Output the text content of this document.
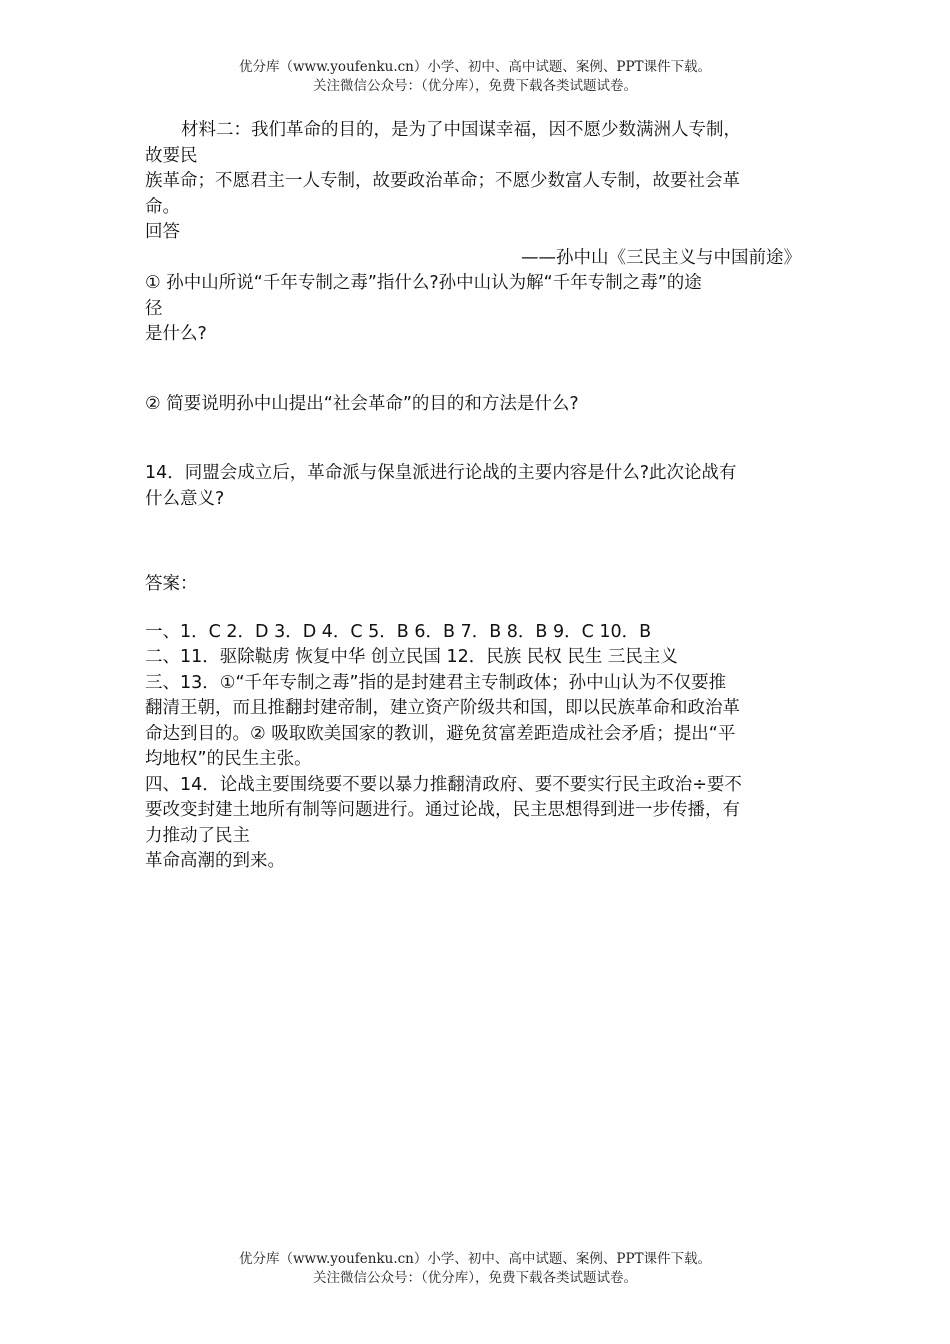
优分库（www.youfenku.cn）小学、初中、高中试题、案例、PPT课件下载。
关注微信公众号：（优分库），免费下载各类试题试卷。
材料二：我们革命的目的，是为了中国谋幸福，因不愿少数满洲人专制，
故要民
族革命；不愿君主一人专制，故要政治革命；不愿少数富人专制，故要社会革
命。
回答
——孙中山《三民主义与中国前途》
① 孙中山所说“千年专制之毒”指什么?孙中山认为解“千年专制之毒”的途
径
是什么?
② 简要说明孙中山提出“社会革命”的目的和方法是什么?
14．同盟会成立后，革命派与保皇派进行论战的主要内容是什么?此次论战有
什么意义?
答案：
一、1．C 2．D 3．D 4．C 5．B 6．B 7．B 8．B 9．C 10．B
二、11．驱除鞑虏 恢复中华 创立民国 12．民族 民权 民生 三民主义
三、13．①“千年专制之毒”指的是封建君主专制政体；孙中山认为不仅要推
翻清王朝，而且推翻封建帝制，建立资产阶级共和国，即以民族革命和政治革
命达到目的。② 吸取欧美国家的教训，避免贫富差距造成社会矛盾；提出“平
均地权”的民生主张。
四、14．论战主要围绕要不要以暴力推翻清政府、要不要实行民主政治÷要不
要改变封建土地所有制等问题进行。通过论战，民主思想得到进一步传播，有
力推动了民主
革命高潮的到来。
优分库（www.youfenku.cn）小学、初中、高中试题、案例、PPT课件下载。
关注微信公众号：（优分库），免费下载各类试题试卷。
